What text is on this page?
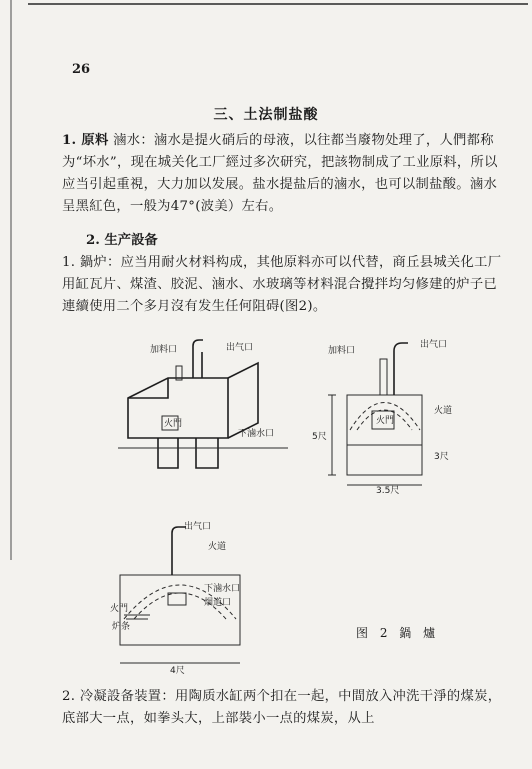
26
三、土法制盐酸

1. 原料 滷水：滷水是提火硝后的母液，以往都当廢物处理了，人們都称为“坏水”，现在城关化工厂經过多次研究，把該物制成了工业原料，所以应当引起重視，大力加以发展。盐水提盐后的滷水，也可以制盐酸。滷水呈黑紅色，一般为47°(波美）左右。

2. 生产設备

1. 鍋炉：应当用耐火材料构成，其他原料亦可以代替，商丘县城关化工厂用缸瓦片、煤渣、胶泥、滷水、水玻璃等材料混合攪拌均匀修建的炉子已連續使用二个多月沒有发生任何阻碍(图2)。

加料口	出气口
火門
下滷水口
加料口
出气口
火道
火門
5尺
3尺
3.5尺
出气口
火道
火門
下滷水口
烟道口
炉条
4尺
图 2 鍋 爐

2. 冷凝設备装置：用陶质水缸两个扣在一起，中間放入冲洗干淨的煤炭，底部大一点，如拳头大，上部裝小一点的煤炭，从上
